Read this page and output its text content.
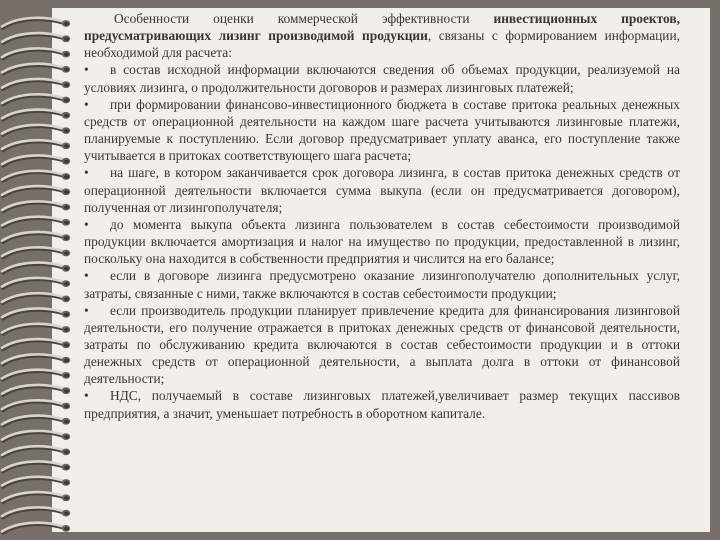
Особенности оценки коммерческой эффективности инвестиционных проектов, предусматривающих лизинг производимой продукции, связаны с формированием информации, необходимой для расчета:

• в состав исходной информации включаются сведения об объемах продукции, реализуемой на условиях лизинга, о продолжительности договоров и размерах лизинговых платежей;

• при формировании финансово-инвестиционного бюджета в составе притока реальных денежных средств от операционной деятельности на каждом шаге расчета учитываются лизинговые платежи, планируемые к поступлению. Если договор предусматривает уплату аванса, его поступление также учитывается в притоках соответствующего шага расчета;

• на шаге, в котором заканчивается срок договора лизинга, в состав притока денежных средств от операционной деятельности включается сумма выкупа (если он предусматривается договором), полученная от лизингополучателя;

• до момента выкупа объекта лизинга пользователем в состав себестоимости производимой продукции включается амортизация и налог на имущество по продукции, предоставленной в лизинг, поскольку она находится в собственности предприятия и числится на его балансе;

• если в договоре лизинга предусмотрено оказание лизингополучателю дополнительных услуг, затраты, связанные с ними, также включаются в состав себестоимости продукции;

• если производитель продукции планирует привлечение кредита для финансирования лизинговой деятельности, его получение отражается в притоках денежных средств от финансовой деятельности, затраты по обслуживанию кредита включаются в состав себестоимости продукции и в оттоки денежных средств от операционной деятельности, а выплата долга в оттоки от финансовой деятельности;

• НДС, получаемый в составе лизинговых платежей,увеличивает размер текущих пассивов предприятия, а значит, уменьшает потребность в оборотном капитале.
